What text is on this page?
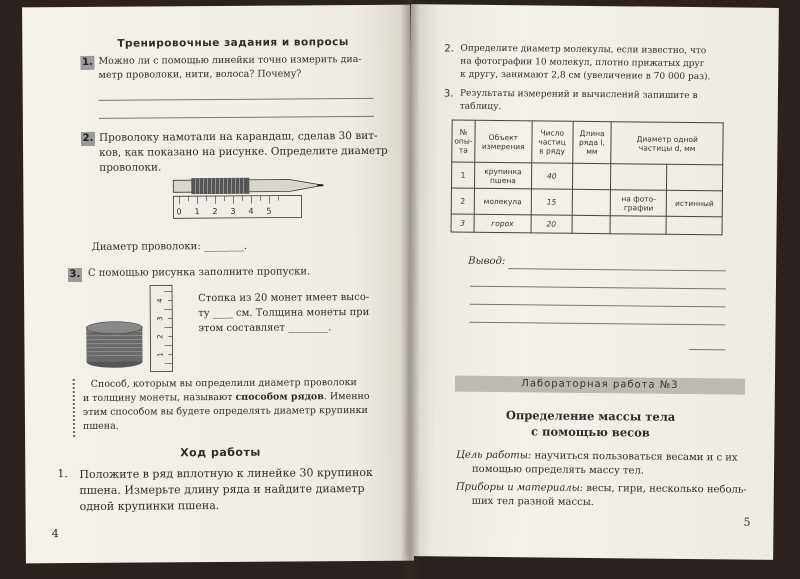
Тренировочные задания и вопросы
1. Можно ли с помощью линейки точно измерить диа-
метр проволоки, нити, волоса? Почему?
2. Проволоку намотали на карандаш, сделав 30 вит-
ков, как показано на рисунке. Определите диаметр
проволоки.
0 1 2 3 4 5
Диаметр проволоки: ________.
3. С помощью рисунка заполните пропуски.
1
2
3
4	Стопка из 20 монет имеет высо-
ту ____ см. Толщина монеты при
этом составляет ________.
Способ, которым вы определили диаметр проволоки
и толщину монеты, называют способом рядов. Именно
этим способом вы будете определять диаметр крупинки
пшена.
Ход работы
1. Положите в ряд вплотную к линейке 30 крупинок
пшена. Измерьте длину ряда и найдите диаметр
одной крупинки пшена.
4
2. Определите диаметр молекулы, если известно, что
на фотографии 10 молекул, плотно прижатых друг
к другу, занимают 2,8 см (увеличение в 70 000 раз).
3. Результаты измерений и вычислений запишите в
таблицу.
№
опы-
та	Объект
измерения	Число
частиц
в ряду	Длина
ряда l,
мм	Диаметр одной
частицы d, мм	
1	крупинка
пшена	40			
2	молекула	15		на фото-
графии	истинный
3	горох	20			
Вывод:
Лабораторная работа №3
Определение массы тела
с помощью весов
Цель работы: научиться пользоваться весами и с их
помощью определять массу тел.
Приборы и материалы: весы, гири, несколько неболь-
ших тел разной массы.
5
